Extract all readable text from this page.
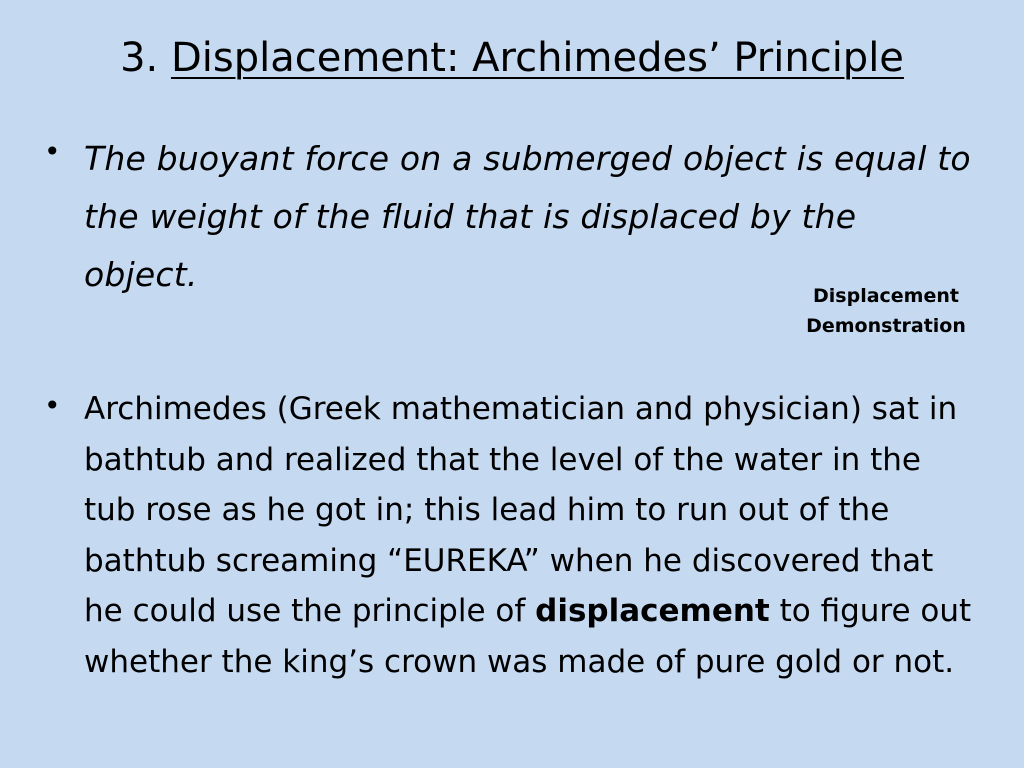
3. Displacement: Archimedes’ Principle
• The buoyant force on a submerged object is equal to the weight of the fluid that is displaced by the object.
Displacement
Demonstration
• Archimedes (Greek mathematician and physician) sat in bathtub and realized that the level of the water in the tub rose as he got in; this lead him to run out of the bathtub screaming “EUREKA” when he discovered that he could use the principle of displacement to figure out whether the king’s crown was made of pure gold or not.
